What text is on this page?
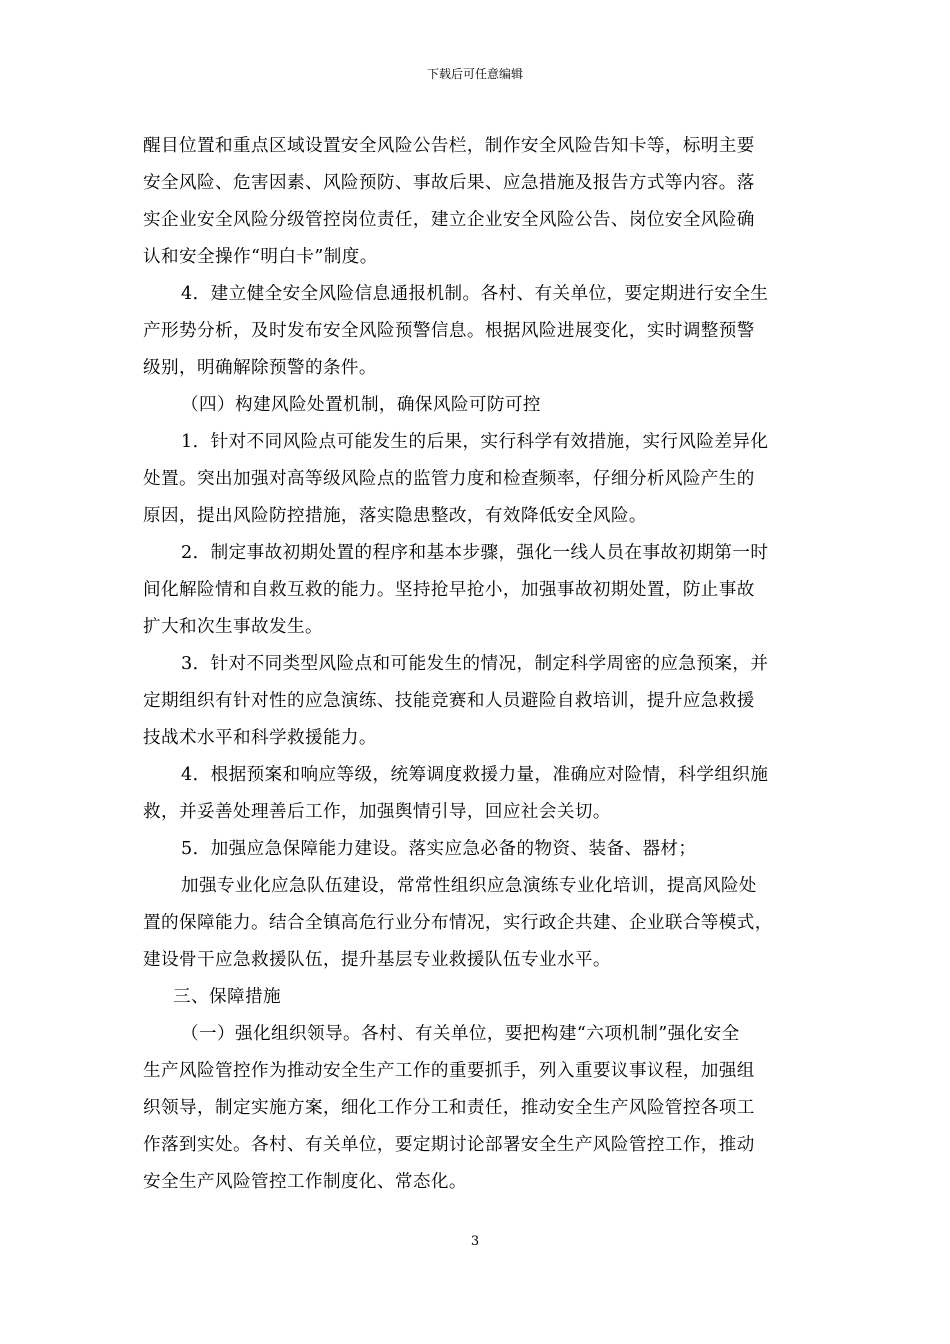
下载后可任意编辑

醒目位置和重点区域设置安全风险公告栏，制作安全风险告知卡等，标明主要
安全风险、危害因素、风险预防、事故后果、应急措施及报告方式等内容。落
实企业安全风险分级管控岗位责任，建立企业安全风险公告、岗位安全风险确
认和安全操作“明白卡”制度。

4．建立健全安全风险信息通报机制。各村、有关单位，要定期进行安全生
产形势分析，及时发布安全风险预警信息。根据风险进展变化，实时调整预警
级别，明确解除预警的条件。

（四）构建风险处置机制，确保风险可防可控

1．针对不同风险点可能发生的后果，实行科学有效措施，实行风险差异化
处置。突出加强对高等级风险点的监管力度和检查频率，仔细分析风险产生的
原因，提出风险防控措施，落实隐患整改，有效降低安全风险。

2．制定事故初期处置的程序和基本步骤，强化一线人员在事故初期第一时
间化解险情和自救互救的能力。坚持抢早抢小，加强事故初期处置，防止事故
扩大和次生事故发生。

3．针对不同类型风险点和可能发生的情况，制定科学周密的应急预案，并
定期组织有针对性的应急演练、技能竞赛和人员避险自救培训，提升应急救援
技战术水平和科学救援能力。

4．根据预案和响应等级，统筹调度救援力量，准确应对险情，科学组织施
救，并妥善处理善后工作，加强舆情引导，回应社会关切。

5．加强应急保障能力建设。落实应急必备的物资、装备、器材；

加强专业化应急队伍建设，常常性组织应急演练专业化培训，提高风险处
置的保障能力。结合全镇高危行业分布情况，实行政企共建、企业联合等模式，
建设骨干应急救援队伍，提升基层专业救援队伍专业水平。

三、保障措施

（一）强化组织领导。各村、有关单位，要把构建“六项机制”强化安全
生产风险管控作为推动安全生产工作的重要抓手，列入重要议事议程，加强组
织领导，制定实施方案，细化工作分工和责任，推动安全生产风险管控各项工
作落到实处。各村、有关单位，要定期讨论部署安全生产风险管控工作，推动
安全生产风险管控工作制度化、常态化。

3
